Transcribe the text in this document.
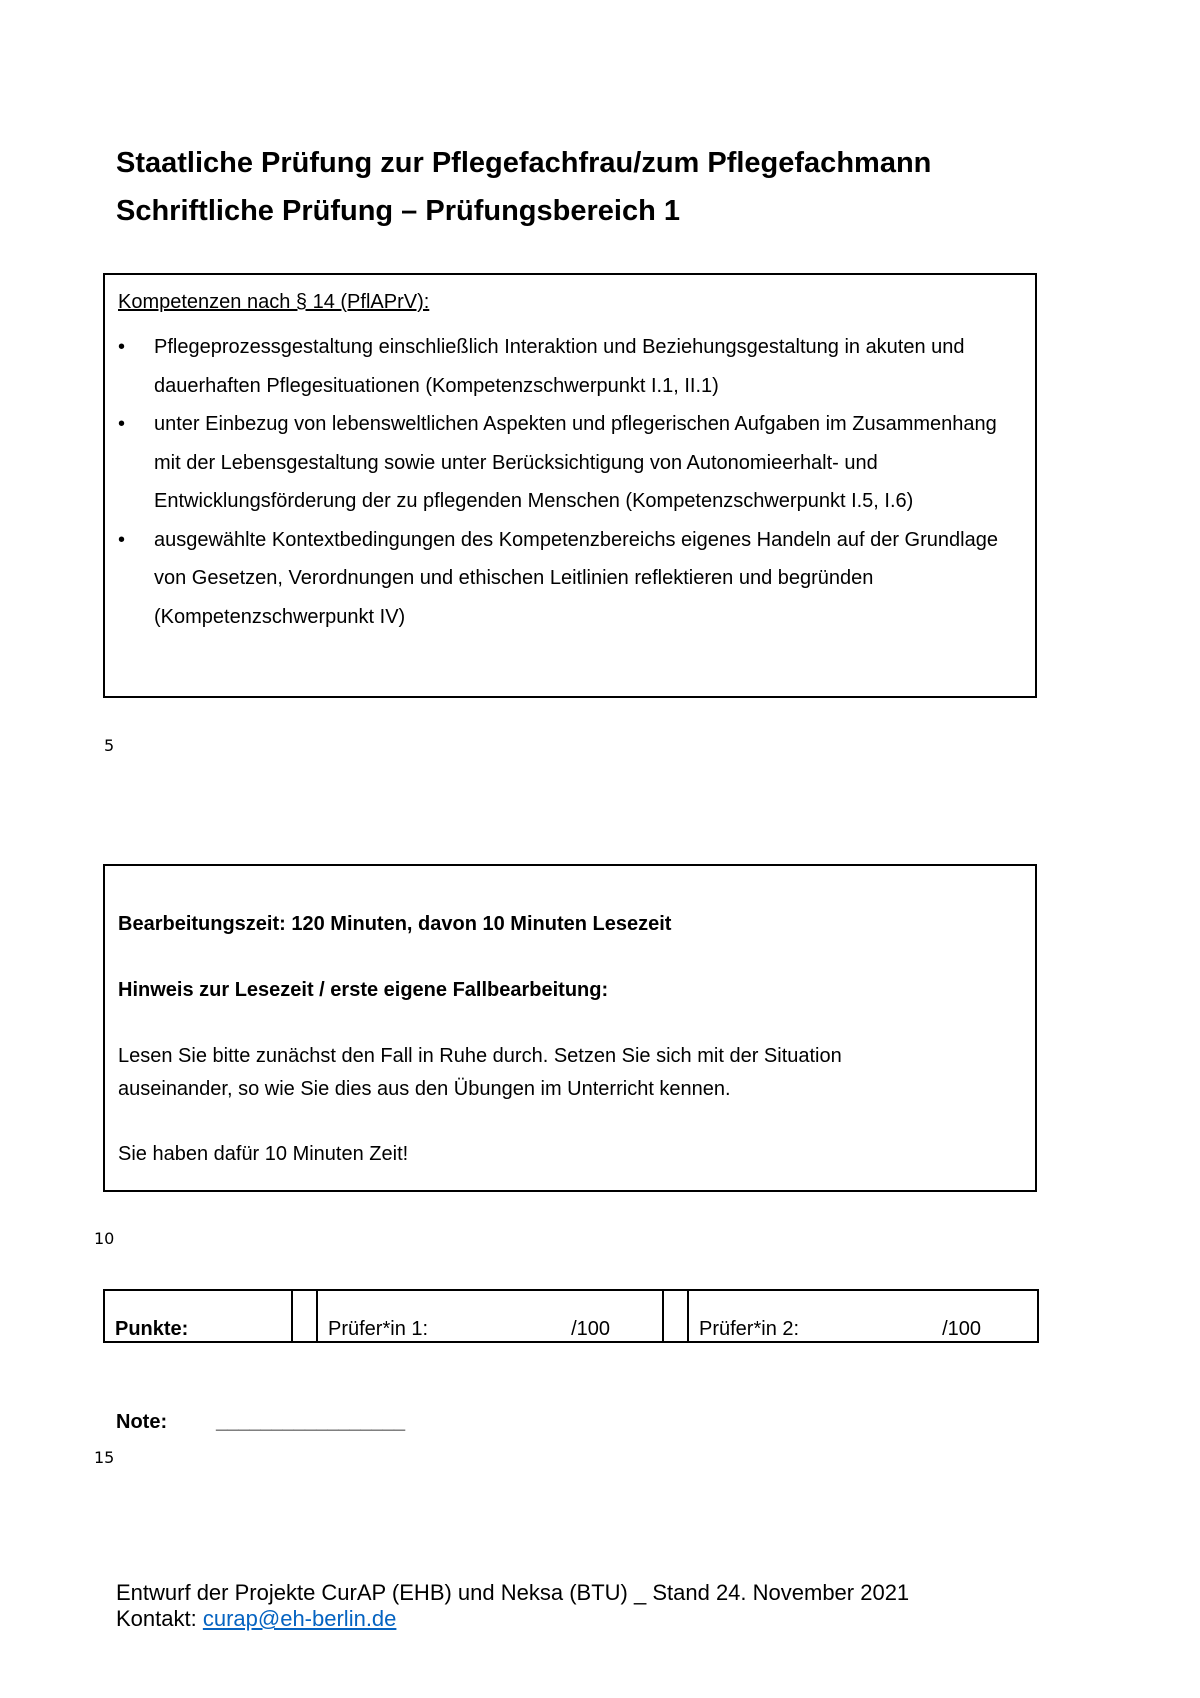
Staatliche Prüfung zur Pflegefachfrau/zum Pflegefachmann
Schriftliche Prüfung – Prüfungsbereich 1
Kompetenzen nach § 14 (PflAPrV):
• Pflegeprozessgestaltung einschließlich Interaktion und Beziehungsgestaltung in akuten und dauerhaften Pflegesituationen (Kompetenzschwerpunkt I.1, II.1)
• unter Einbezug von lebensweltlichen Aspekten und pflegerischen Aufgaben im Zusammenhang mit der Lebensgestaltung sowie unter Berücksichtigung von Autonomieerhalt- und Entwicklungsförderung der zu pflegenden Menschen (Kompetenzschwerpunkt I.5, I.6)
• ausgewählte Kontextbedingungen des Kompetenzbereichs eigenes Handeln auf der Grundlage von Gesetzen, Verordnungen und ethischen Leitlinien reflektieren und begründen (Kompetenzschwerpunkt IV)
5
Bearbeitungszeit: 120 Minuten, davon 10 Minuten Lesezeit
Hinweis zur Lesezeit / erste eigene Fallbearbeitung:
Lesen Sie bitte zunächst den Fall in Ruhe durch. Setzen Sie sich mit der Situation
auseinander, so wie Sie dies aus den Übungen im Unterricht kennen.
Sie haben dafür 10 Minuten Zeit!
10
Punkte:		Prüfer*in 1:	/100		Prüfer*in 2:	/100
Note: _________________
15
Entwurf der Projekte CurAP (EHB) und Neksa (BTU) _ Stand 24. November 2021
Kontakt: curap@eh-berlin.de
